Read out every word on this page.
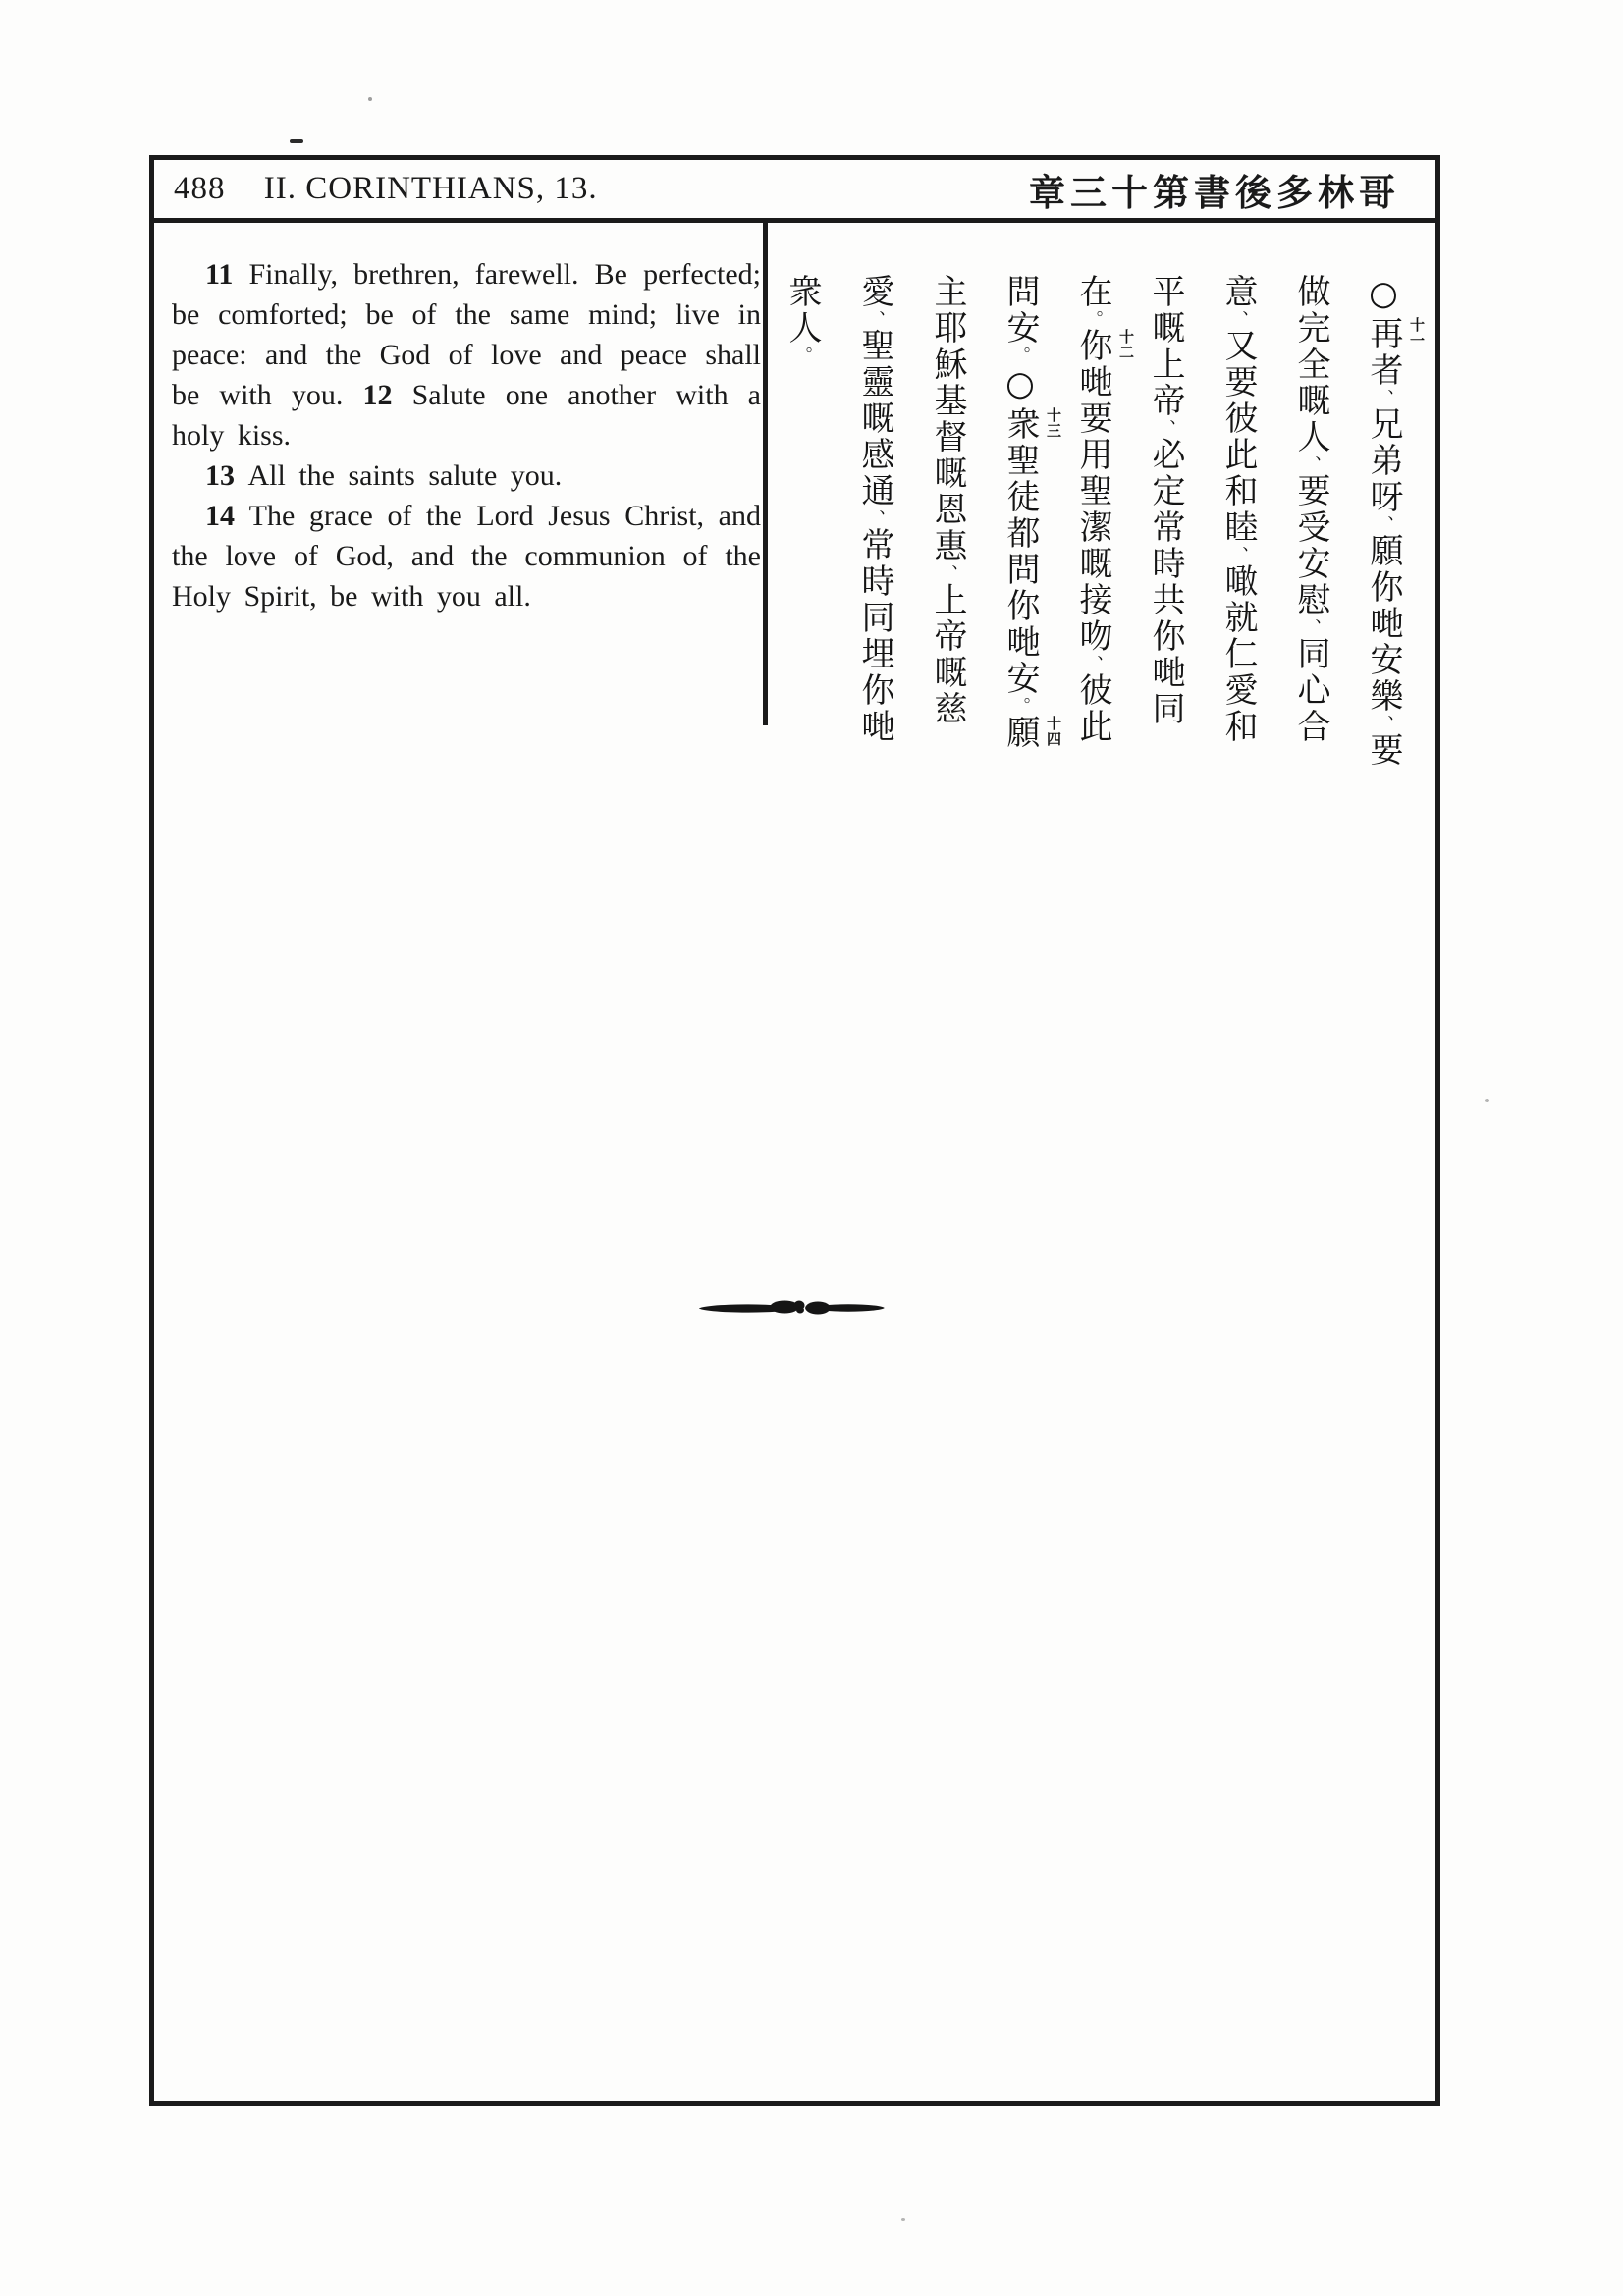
488 II. CORINTHIANS, 13.	章三十第書後多林哥

11 Finally, brethren, farewell. Be perfected; be comforted; be of the same mind; live in peace: and the God of love and peace shall be with you. 12 Salute one another with a holy kiss.

13 All the saints salute you.

14 The grace of the Lord Jesus Christ, and the love of God, and the communion of the Holy Spirit, be with you all.

○再 十一
者、兄弟呀、願你哋安樂、要
做完全嘅人、要受安慰、同心合
意、又要彼此和睦、噉就仁愛和
平嘅上帝、必定常時共你哋同
在。你 十二
哋要用聖潔嘅接吻、彼此
問安。○衆 十三
聖徒都問你哋安。願 十四
主耶穌基督嘅恩惠、上帝嘅慈
愛、聖靈嘅感通、常時同埋你哋
衆人。
